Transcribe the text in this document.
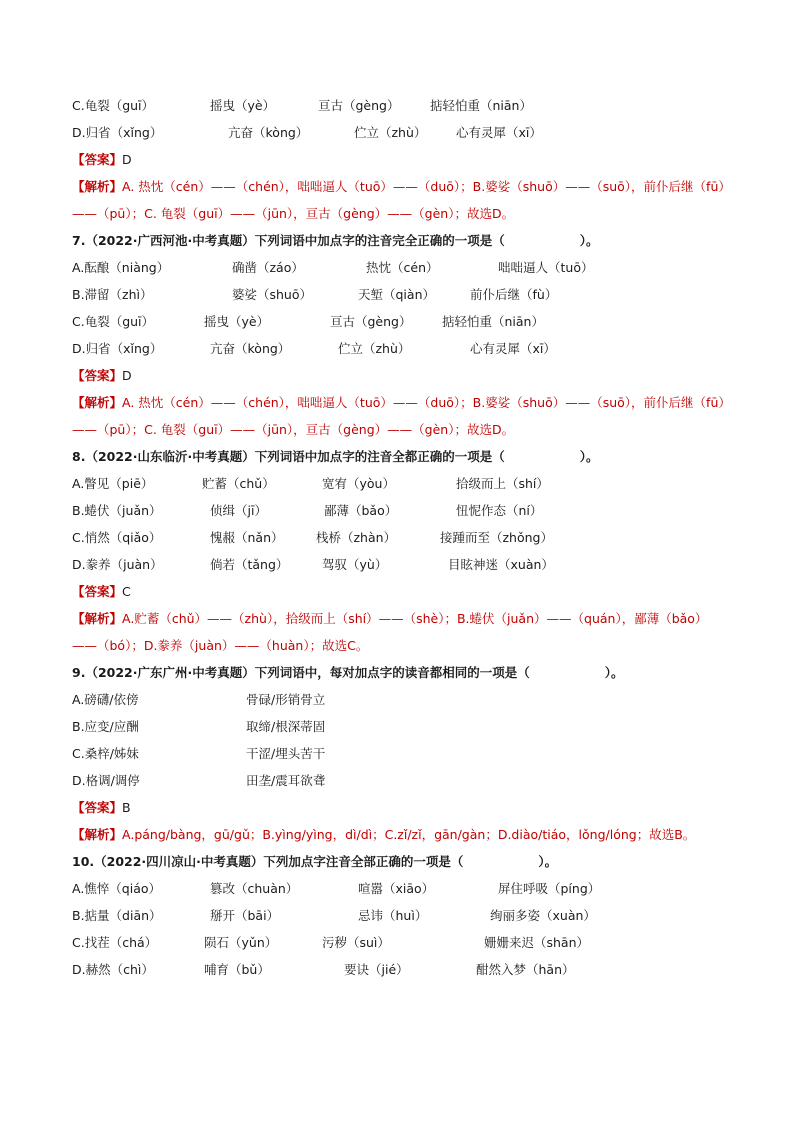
C.龟裂（guī）	摇曳（yè）	亘古（gèng） 掂轻怕重（niān）
D.归省（xǐng）	亢奋（kòng）	伫立（zhù） 心有灵犀（xī）
【答案】D
【解析】A. 热忱（cén）——（chén），咄咄逼人（tuō）——（duō）；B.婆娑（shuō）——（suō），前仆后继（fū）——（pū）；C. 龟裂（guī）——（jūn），亘古（gèng）——（gèn）；故选D。
7.（2022·广西河池·中考真题）下列词语中加点字的注音完全正确的一项是（　　　　　　）。
A.酝酿（niàng）	确凿（záo）	热忱（cén）	咄咄逼人（tuō）
B.滞留（zhì）	婆娑（shuō）	天堑（qiàn）	前仆后继（fù）
C.龟裂（guī）	摇曳（yè）	亘古（gèng） 掂轻怕重（niān）
D.归省（xǐng）	亢奋（kòng）	伫立（zhù）	心有灵犀（xī）
【答案】D
【解析】A. 热忱（cén）——（chén），咄咄逼人（tuō）——（duō）；B.婆娑（shuō）——（suō），前仆后继（fū）——（pū）；C. 龟裂（guī）——（jūn），亘古（gèng）——（gèn）；故选D。
8.（2022·山东临沂·中考真题）下列词语中加点字的注音全都正确的一项是（　　　　　　）。
A.瞥见（piē）	贮蓄（chǔ）	宽宥（yòu）	拾级而上（shí）
B.蜷伏（juǎn）	侦缉（jī）	鄙薄（bǎo）	忸怩作态（ní）
C.悄然（qiǎo）	愧赧（nǎn）	栈桥（zhàn）	接踵而至（zhǒng）
D.豢养（juàn）	倘若（tǎng）	驾驭（yù）	目眩神迷（xuàn）
【答案】C
【解析】A.贮蓄（chǔ）——（zhù），拾级而上（shí）——（shè）；B.蜷伏（juǎn）——（quán），鄙薄（bǎo）——（bó）；D.豢养（juàn）——（huàn）；故选C。
9.（2022·广东广州·中考真题）下列词语中，每对加点字的读音都相同的一项是（　　　　　　）。
A.磅礴/依傍	骨碌/形销骨立
B.应变/应酬	取缔/根深蒂固
C.桑梓/姊妹	干涩/埋头苦干
D.格调/调停	田垄/震耳欲聋
【答案】B
【解析】A.páng/bàng，gū/gǔ；B.yìng/yìng，dì/dì；C.zǐ/zǐ，gān/gàn；D.diào/tiáo，lǒng/lóng；故选B。
10.（2022·四川凉山·中考真题）下列加点字注音全部正确的一项是（　　　　　　）。
A.憔悴（qiáo）	篡改（chuàn）	喧嚣（xiāo）	屏住呼吸（píng）
B.掂量（diān）	掰开（bāi）	忌讳（huì）	绚丽多姿（xuàn）
C.找茬（chá）	陨石（yǔn）	污秽（suì）	姗姗来迟（shān）
D.赫然（chì）	哺育（bǔ）	要诀（jié）	酣然入梦（hān）
